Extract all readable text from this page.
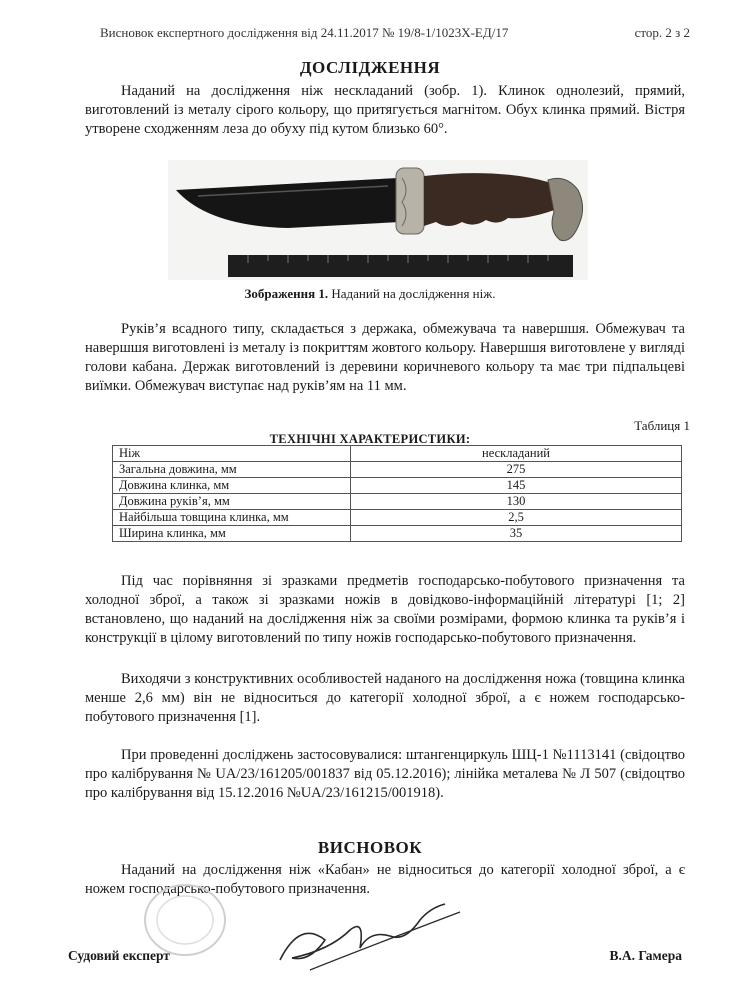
Висновок експертного дослідження від 24.11.2017 № 19/8-1/1023Х-ЕД/17	стор. 2 з 2
ДОСЛІДЖЕННЯ

Наданий на дослідження ніж нескладаний (зобр. 1). Клинок однолезий, прямий, виготовлений із металу сірого кольору, що притягується магнітом. Обух клинка прямий. Вістря утворене сходженням леза до обуху під кутом близько 60°.

Зображення 1. Наданий на дослідження ніж.

Руків’я всадного типу, складається з держака, обмежувача та навершшя. Обмежувач та навершшя виготовлені із металу із покриттям жовтого кольору. Навершшя виготовлене у вигляді голови кабана. Держак виготовлений із деревини коричневого кольору та має три підпальцеві виїмки. Обмежувач виступає над руків’ям на 11 мм.

Таблиця 1
ТЕХНІЧНІ ХАРАКТЕРИСТИКИ:
Ніж	нескладаний
Загальна довжина, мм	275
Довжина клинка, мм	145
Довжина руків’я, мм	130
Найбільша товщина клинка, мм	2,5
Ширина клинка, мм	35

Під час порівняння зі зразками предметів господарсько-побутового призначення та холодної зброї, а також зі зразками ножів в довідково-інформаційній літературі [1; 2] встановлено, що наданий на дослідження ніж за своїми розмірами, формою клинка та руків’я і конструкції в цілому виготовлений по типу ножів господарсько-побутового призначення.

Виходячи з конструктивних особливостей наданого на дослідження ножа (товщина клинка менше 2,6 мм) він не відноситься до категорії холодної зброї, а є ножем господарсько-побутового призначення [1].

При проведенні досліджень застосовувалися: штангенциркуль ШЦ-1 №1113141 (свідоцтво про калібрування № UA/23/161205/001837 від 05.12.2016); лінійка металева № Л 507 (свідоцтво про калібрування від 15.12.2016 №UA/23/161215/001918).

ВИСНОВОК

Наданий на дослідження ніж «Кабан» не відноситься до категорії холодної зброї, а є ножем господарсько-побутового призначення.

Судовий експерт	В.А. Гамера
